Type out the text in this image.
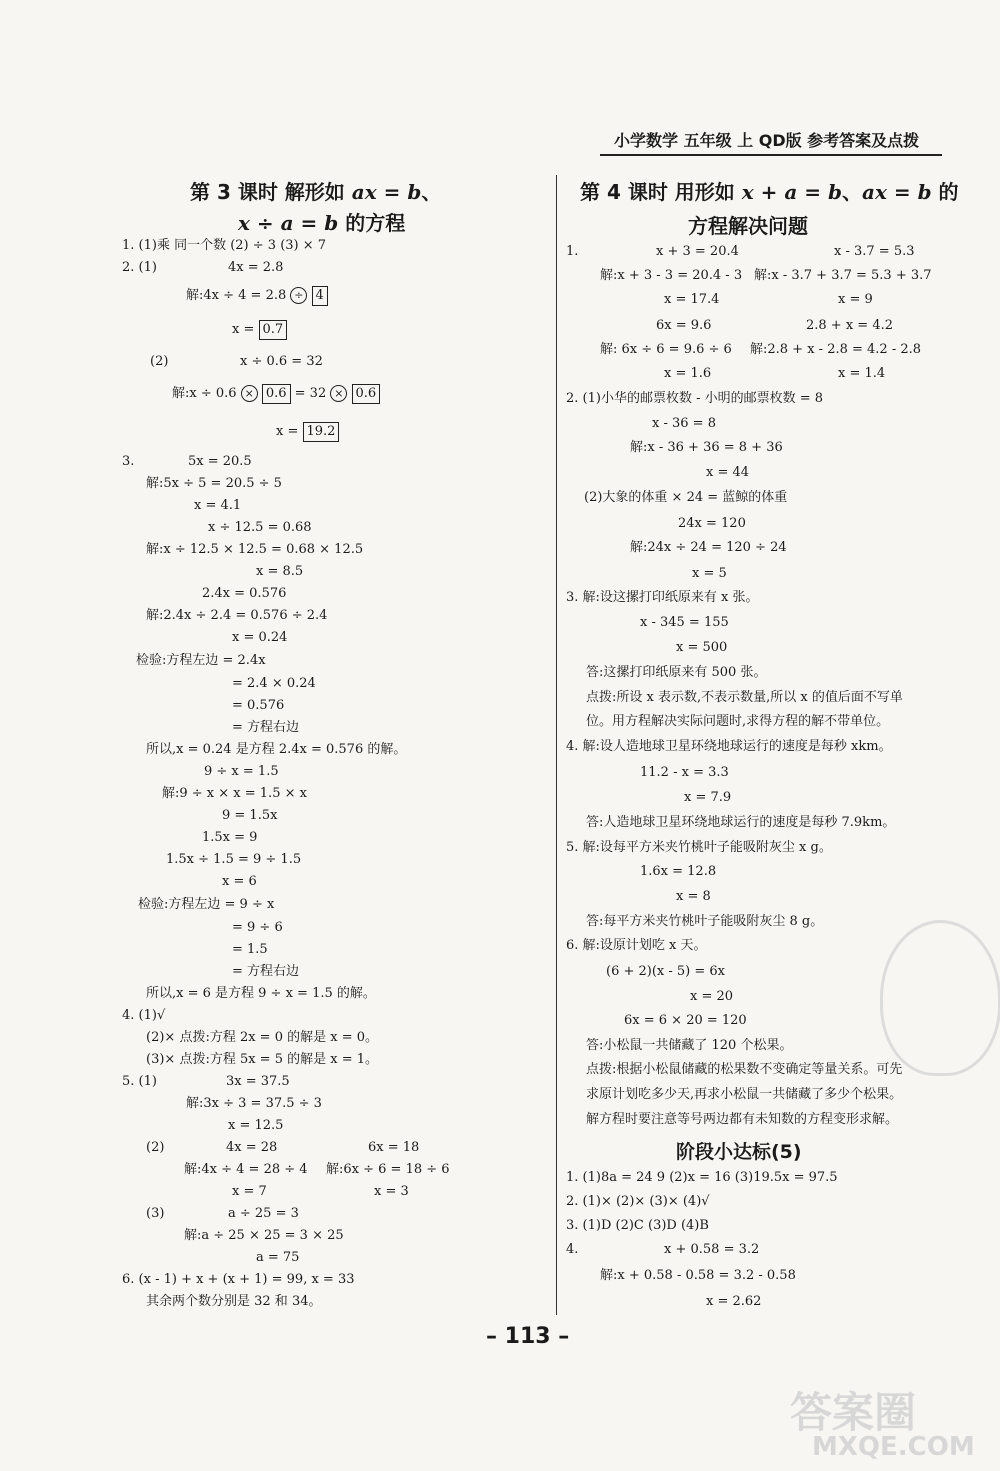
小学数学 五年级 上 QD版 参考答案及点拨
第 3 课时 解形如 ax = b、
x ÷ a = b 的方程
1. (1)乘 同一个数 (2) ÷ 3 (3) × 7
2. (1)	4x = 2.8
解:4x ÷ 4 = 2.8 ÷ 4
x = 0.7
(2)	x ÷ 0.6 = 32
解:x ÷ 0.6 × 0.6 = 32 × 0.6
x = 19.2
3.	5x = 20.5
解:5x ÷ 5 = 20.5 ÷ 5
x = 4.1
x ÷ 12.5 = 0.68
解:x ÷ 12.5 × 12.5 = 0.68 × 12.5
x = 8.5
2.4x = 0.576
解:2.4x ÷ 2.4 = 0.576 ÷ 2.4
x = 0.24
检验:方程左边 = 2.4x
= 2.4 × 0.24
= 0.576
= 方程右边
所以,x = 0.24 是方程 2.4x = 0.576 的解。
9 ÷ x = 1.5
解:9 ÷ x × x = 1.5 × x
9 = 1.5x
1.5x = 9
1.5x ÷ 1.5 = 9 ÷ 1.5
x = 6
检验:方程左边 = 9 ÷ x
= 9 ÷ 6
= 1.5
= 方程右边
所以,x = 6 是方程 9 ÷ x = 1.5 的解。
4. (1)√
(2)× 点拨:方程 2x = 0 的解是 x = 0。
(3)× 点拨:方程 5x = 5 的解是 x = 1。
5. (1)	3x = 37.5
解:3x ÷ 3 = 37.5 ÷ 3
x = 12.5
(2)	4x = 28	6x = 18
解:4x ÷ 4 = 28 ÷ 4 解:6x ÷ 6 = 18 ÷ 6
x = 7	x = 3
(3)	a ÷ 25 = 3
解:a ÷ 25 × 25 = 3 × 25
a = 75
6. (x - 1) + x + (x + 1) = 99, x = 33
其余两个数分别是 32 和 34。
第 4 课时 用形如 x + a = b、ax = b 的
方程解决问题
1.	x + 3 = 20.4	x - 3.7 = 5.3
解:x + 3 - 3 = 20.4 - 3 解:x - 3.7 + 3.7 = 5.3 + 3.7
x = 17.4	x = 9
6x = 9.6	2.8 + x = 4.2
解: 6x ÷ 6 = 9.6 ÷ 6 解:2.8 + x - 2.8 = 4.2 - 2.8
x = 1.6	x = 1.4
2. (1)小华的邮票枚数 - 小明的邮票枚数 = 8
x - 36 = 8
解:x - 36 + 36 = 8 + 36
x = 44
(2)大象的体重 × 24 = 蓝鲸的体重
24x = 120
解:24x ÷ 24 = 120 ÷ 24
x = 5
3. 解:设这摞打印纸原来有 x 张。
x - 345 = 155
x = 500
答:这摞打印纸原来有 500 张。
点拨:所设 x 表示数,不表示数量,所以 x 的值后面不写单
位。用方程解决实际问题时,求得方程的解不带单位。
4. 解:设人造地球卫星环绕地球运行的速度是每秒 xkm。
11.2 - x = 3.3
x = 7.9
答:人造地球卫星环绕地球运行的速度是每秒 7.9km。
5. 解:设每平方米夹竹桃叶子能吸附灰尘 x g。
1.6x = 12.8
x = 8
答:每平方米夹竹桃叶子能吸附灰尘 8 g。
6. 解:设原计划吃 x 天。
(6 + 2)(x - 5) = 6x
x = 20
6x = 6 × 20 = 120
答:小松鼠一共储藏了 120 个松果。
点拨:根据小松鼠储藏的松果数不变确定等量关系。可先
求原计划吃多少天,再求小松鼠一共储藏了多少个松果。
解方程时要注意等号两边都有未知数的方程变形求解。
阶段小达标(5)
1. (1)8a = 24 9 (2)x = 16 (3)19.5x = 97.5
2. (1)× (2)× (3)× (4)√
3. (1)D (2)C (3)D (4)B
4.	x + 0.58 = 3.2
解:x + 0.58 - 0.58 = 3.2 - 0.58
x = 2.62
– 113 –
答案圈
MXQE.COM
